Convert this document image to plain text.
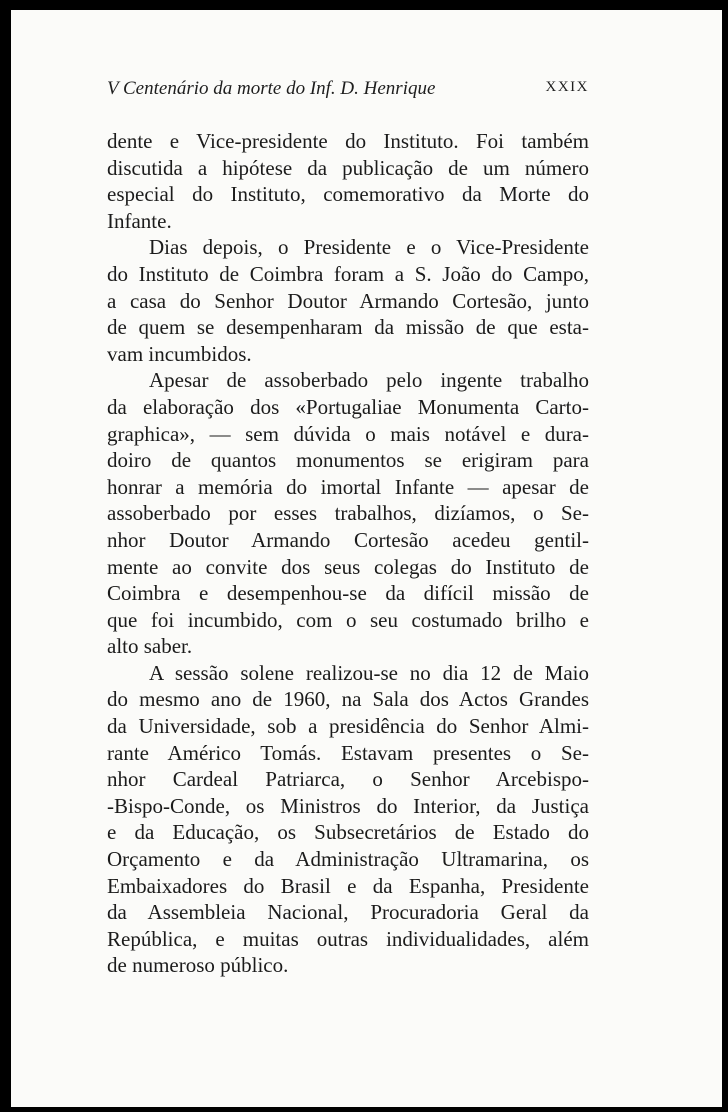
V Centenário da morte do Inf. D. Henrique	XXIX
dente e Vice-presidente do Instituto. Foi também
discutida a hipótese da publicação de um número
especial do Instituto, comemorativo da Morte do
Infante.
Dias depois, o Presidente e o Vice-Presidente
do Instituto de Coimbra foram a S. João do Campo,
a casa do Senhor Doutor Armando Cortesão, junto
de quem se desempenharam da missão de que esta-
vam incumbidos.
Apesar de assoberbado pelo ingente trabalho
da elaboração dos «Portugaliae Monumenta Carto-
graphica», — sem dúvida o mais notável e dura-
doiro de quantos monumentos se erigiram para
honrar a memória do imortal Infante — apesar de
assoberbado por esses trabalhos, dizíamos, o Se-
nhor Doutor Armando Cortesão acedeu gentil-
mente ao convite dos seus colegas do Instituto de
Coimbra e desempenhou-se da difícil missão de
que foi incumbido, com o seu costumado brilho e
alto saber.
A sessão solene realizou-se no dia 12 de Maio
do mesmo ano de 1960, na Sala dos Actos Grandes
da Universidade, sob a presidência do Senhor Almi-
rante Américo Tomás. Estavam presentes o Se-
nhor Cardeal Patriarca, o Senhor Arcebispo-
-Bispo-Conde, os Ministros do Interior, da Justiça
e da Educação, os Subsecretários de Estado do
Orçamento e da Administração Ultramarina, os
Embaixadores do Brasil e da Espanha, Presidente
da Assembleia Nacional, Procuradoria Geral da
República, e muitas outras individualidades, além
de numeroso público.
